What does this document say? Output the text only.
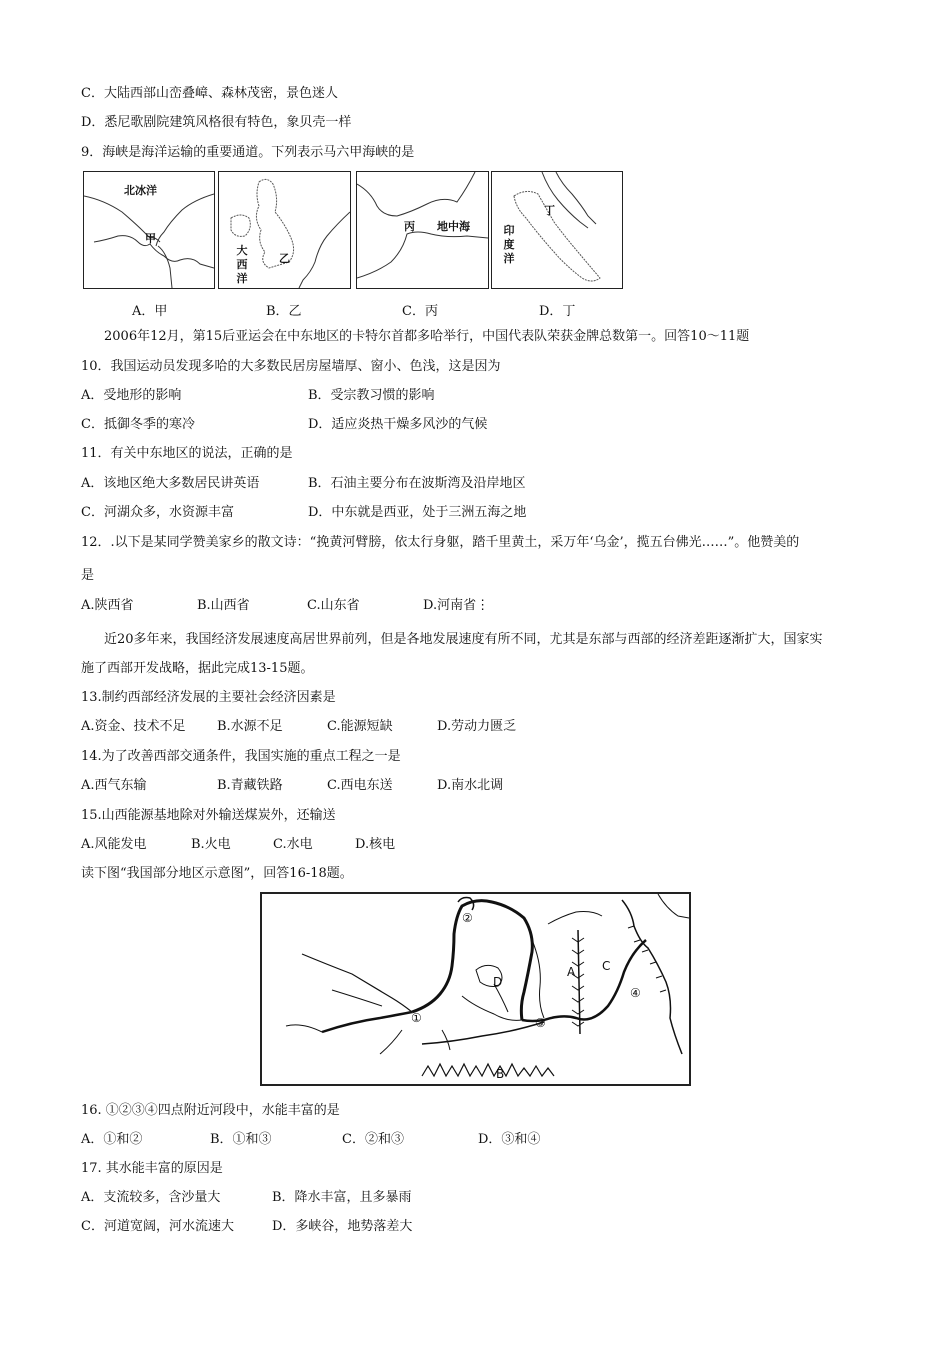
C．大陆西部山峦叠嶂、森林茂密，景色迷人
D．悉尼歌剧院建筑风格很有特色，象贝壳一样
9．海峡是海洋运输的重要通道。下列表示马六甲海峡的是
北冰洋
甲
大
西
洋
乙
丙 地中海
丁
印
度
洋
A．甲	B．乙	C．丙	D．丁
2006年12月，第15后亚运会在中东地区的卡特尔首都多哈举行，中国代表队荣获金牌总数第一。回答10～11题
10．我国运动员发现多哈的大多数民居房屋墙厚、窗小、色浅，这是因为
A．受地形的影响	B．受宗教习惯的影响
C．抵御冬季的寒冷	D．适应炎热干燥多风沙的气候
11．有关中东地区的说法，正确的是
A．该地区绝大多数居民讲英语	B．石油主要分布在波斯湾及沿岸地区
C．河湖众多，水资源丰富	D．中东就是西亚，处于三洲五海之地
12．.以下是某同学赞美家乡的散文诗：“挽黄河臂膀，依太行身躯，踏千里黄土，采万年‘乌金’，揽五台佛光……”。他赞美的
是
A.陕西省	B.山西省	C.山东省	D.河南省⋮
近20多年来，我国经济发展速度高居世界前列，但是各地发展速度有所不同，尤其是东部与西部的经济差距逐渐扩大，国家实
施了西部开发战略，据此完成13-15题。
13.制约西部经济发展的主要社会经济因素是
A.资金、技术不足 B.水源不足	C.能源短缺	D.劳动力匮乏
14.为了改善西部交通条件，我国实施的重点工程之一是
A.西气东输	B.青藏铁路	C.西电东送	D.南水北调
15.山西能源基地除对外输送煤炭外，还输送
A.风能发电	B.火电	C.水电	D.核电
读下图“我国部分地区示意图”，回答16-18题。
②
①	③
④
D
A C
B
16. ①②③④四点附近河段中，水能丰富的是
A．①和②	B．①和③	C．②和③	D．③和④
17. 其水能丰富的原因是
A．支流较多，含沙量大	B．降水丰富，且多暴雨
C．河道宽阔，河水流速大	D．多峡谷，地势落差大
